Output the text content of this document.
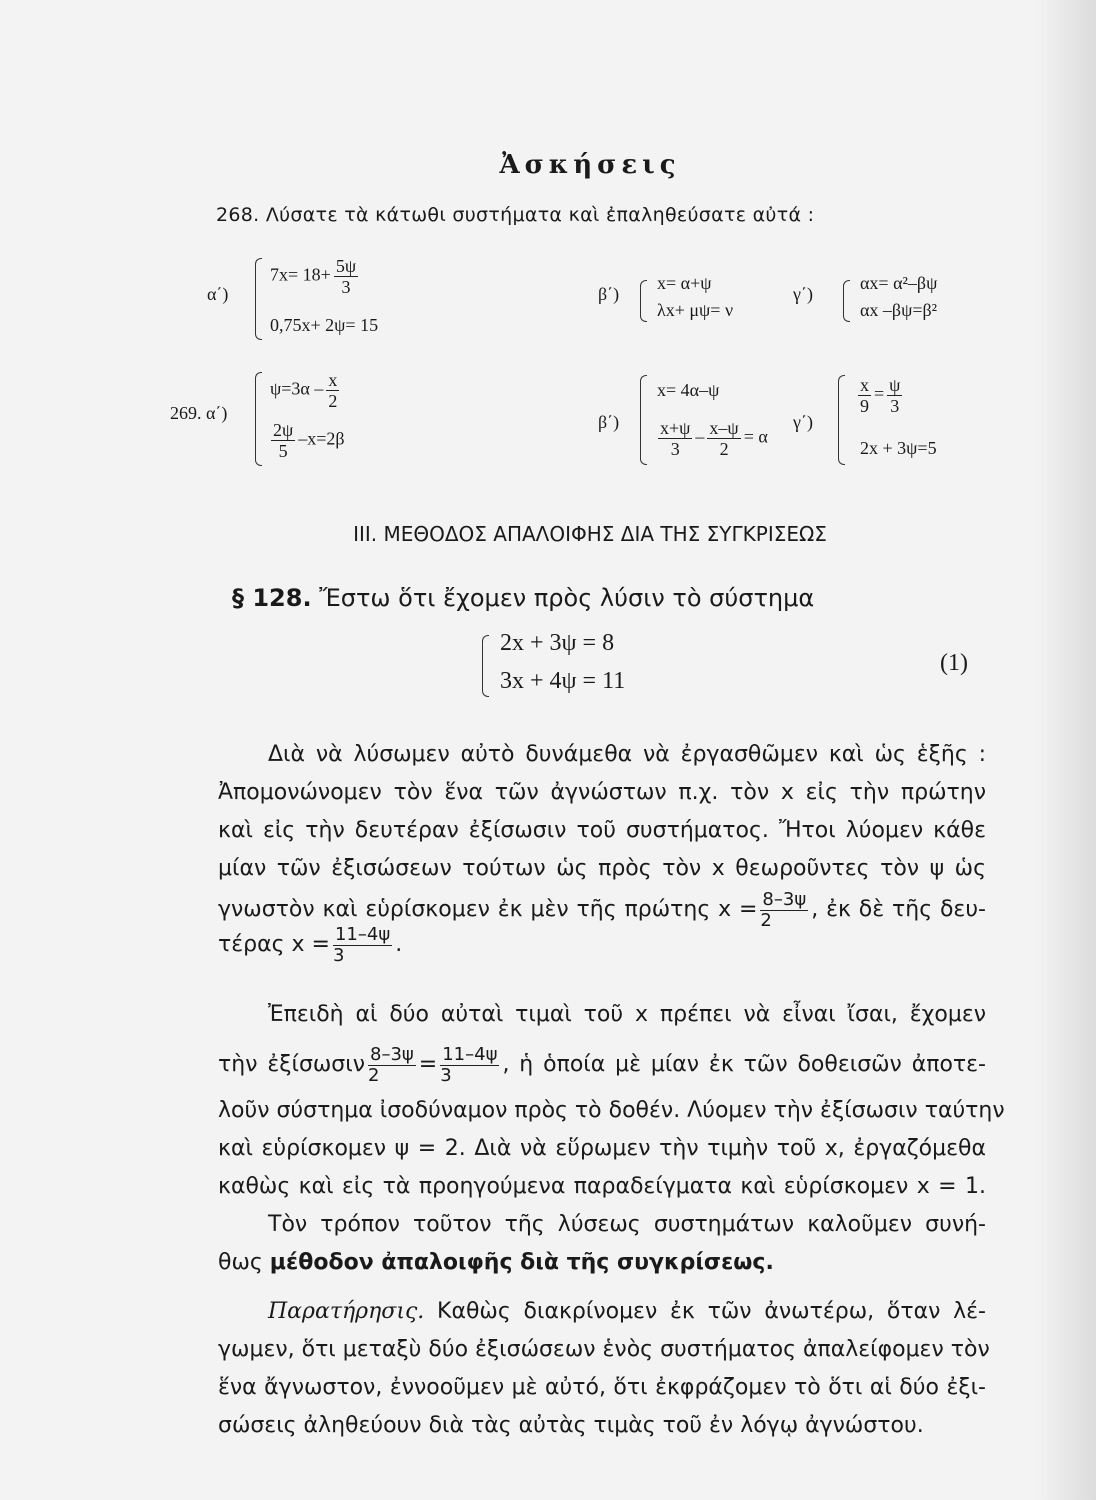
Ἀσκήσεις
268. Λύσατε τὰ κάτωθι συστήματα καὶ ἐπαληθεύσατε αὐτά :
α΄)
$7x= 18+ \frac{5\psi}{3}$
0,75x+ 2ψ= 15
β΄)
x= α+ψ
λx+ μψ= ν
γ΄)
αx= α²–βψ
αx –βψ=β²
269. α΄)
$\psi=3\alpha - \frac{x}{2}$
$\frac{2\psi}{5} -x=2\beta$
β΄)
x= 4α–ψ
$\frac{x+\psi}{3} - \frac{x-\psi}{2} = \alpha$
γ΄)
$\frac{x}{9} = \frac{\psi}{3}$
2x + 3ψ=5
III. ΜΕΘΟΔΟΣ ΑΠΑΛΟΙΦΗΣ ΔΙΑ ΤΗΣ ΣΥΓΚΡΙΣΕΩΣ
§ 128. Ἔστω ὅτι ἔχομεν πρὸς λύσιν τὸ σύστημα
2x + 3ψ = 8
3x + 4ψ = 11
(1)
Διὰ νὰ λύσωμεν αὐτὸ δυνάμεθα νὰ ἐργασθῶμεν καὶ ὡς ἑξῆς :
Ἀπομονώνομεν τὸν ἕνα τῶν ἀγνώστων π.χ. τὸν x εἰς τὴν πρώτην
καὶ εἰς τὴν δευτέραν ἐξίσωσιν τοῦ συστήματος. Ἤτοι λύομεν κάθε
μίαν τῶν ἐξισώσεων τούτων ὡς πρὸς τὸν x θεωροῦντες τὸν ψ ὡς
γνωστὸν καὶ εὑρίσκομεν ἐκ μὲν τῆς πρώτης $x = \frac{8-3\psi}{2}$ , ἐκ δὲ τῆς δευ-
τέρας $x = \frac{11-4\psi}{3}$ .
Ἐπειδὴ αἱ δύο αὐταὶ τιμαὶ τοῦ x πρέπει νὰ εἶναι ἴσαι, ἔχομεν
τὴν ἐξίσωσιν $\frac{8-3\psi}{2} = \frac{11-4\psi}{3}$ , ἡ ὁποία μὲ μίαν ἐκ τῶν δοθεισῶν ἀποτε-
λοῦν σύστημα ἰσοδύναμον πρὸς τὸ δοθέν. Λύομεν τὴν ἐξίσωσιν ταύτην
καὶ εὑρίσκομεν ψ = 2. Διὰ νὰ εὕρωμεν τὴν τιμὴν τοῦ x, ἐργαζόμεθα
καθὼς καὶ εἰς τὰ προηγούμενα παραδείγματα καὶ εὑρίσκομεν x = 1.
Τὸν τρόπον τοῦτον τῆς λύσεως συστημάτων καλοῦμεν συνή-
θως μέθοδον ἀπαλοιφῆς διὰ τῆς συγκρίσεως.
Παρατήρησις. Καθὼς διακρίνομεν ἐκ τῶν ἀνωτέρω, ὅταν λέ-
γωμεν, ὅτι μεταξὺ δύο ἐξισώσεων ἑνὸς συστήματος ἀπαλείφομεν τὸν
ἕνα ἄγνωστον, ἐννοοῦμεν μὲ αὐτό, ὅτι ἐκφράζομεν τὸ ὅτι αἱ δύο ἐξι-
σώσεις ἀληθεύουν διὰ τὰς αὐτὰς τιμὰς τοῦ ἐν λόγῳ ἀγνώστου.
